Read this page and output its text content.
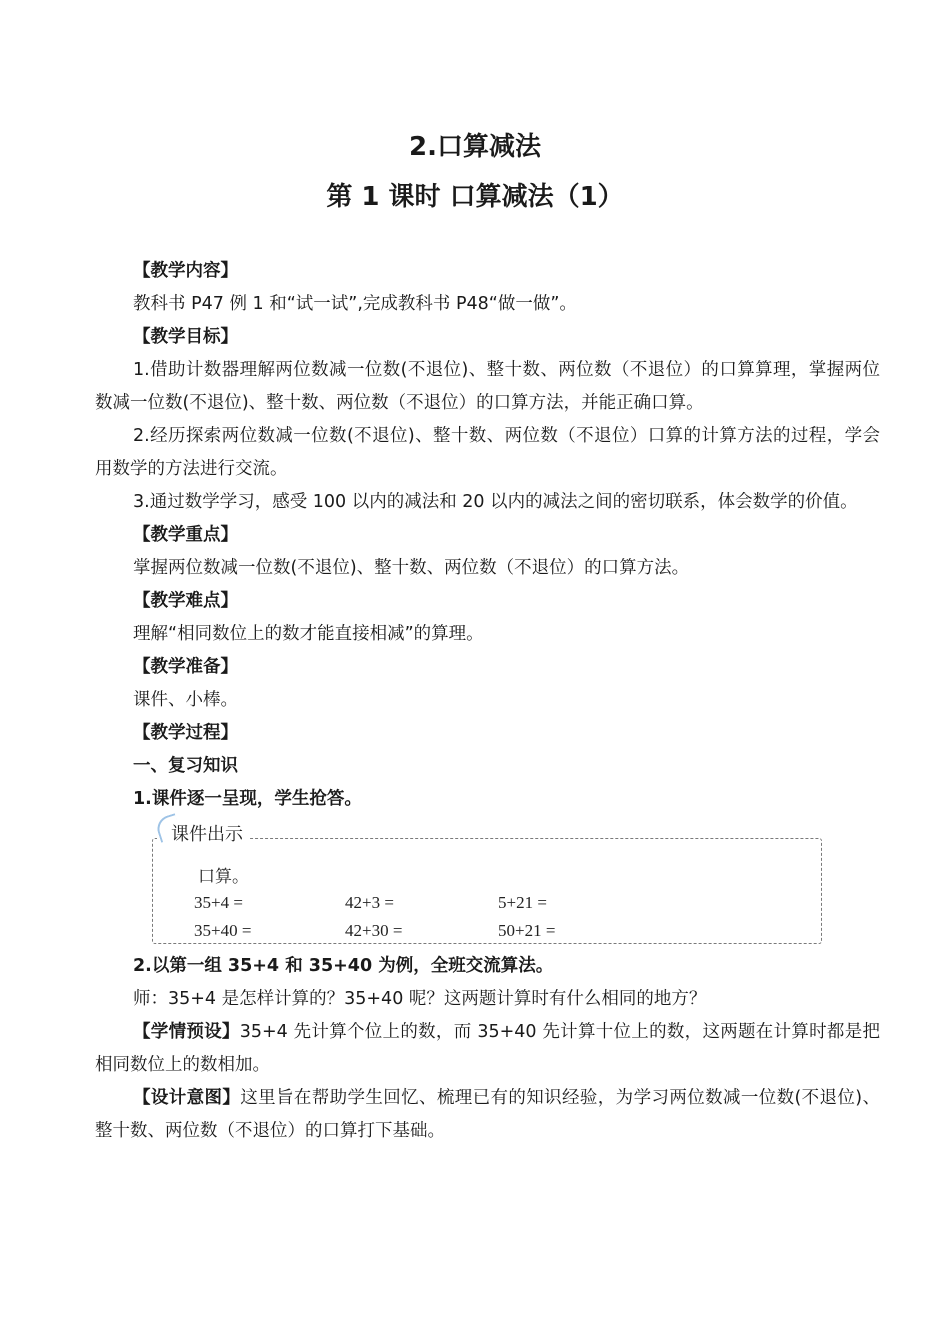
2.口算减法
第 1 课时 口算减法（1）

【教学内容】

教科书 P47 例 1 和“试一试”,完成教科书 P48“做一做”。

【教学目标】

1.借助计数器理解两位数减一位数(不退位)、整十数、两位数（不退位）的口算算理，掌握两位数减一位数(不退位)、整十数、两位数（不退位）的口算方法，并能正确口算。

2.经历探索两位数减一位数(不退位)、整十数、两位数（不退位）口算的计算方法的过程，学会用数学的方法进行交流。

3.通过数学学习，感受 100 以内的减法和 20 以内的减法之间的密切联系，体会数学的价值。

【教学重点】

掌握两位数减一位数(不退位)、整十数、两位数（不退位）的口算方法。

【教学难点】

理解“相同数位上的数才能直接相减”的算理。

【教学准备】

课件、小棒。

【教学过程】

一、复习知识

1.课件逐一呈现，学生抢答。

课件出示
口算。
35+4 =	42+3 =	5+21 =
35+40 =	42+30 =	50+21 =

2.以第一组 35+4 和 35+40 为例，全班交流算法。

师：35+4 是怎样计算的？35+40 呢？这两题计算时有什么相同的地方？

【学情预设】35+4 先计算个位上的数，而 35+40 先计算十位上的数，这两题在计算时都是把相同数位上的数相加。

【设计意图】这里旨在帮助学生回忆、梳理已有的知识经验，为学习两位数减一位数(不退位)、整十数、两位数（不退位）的口算打下基础。
